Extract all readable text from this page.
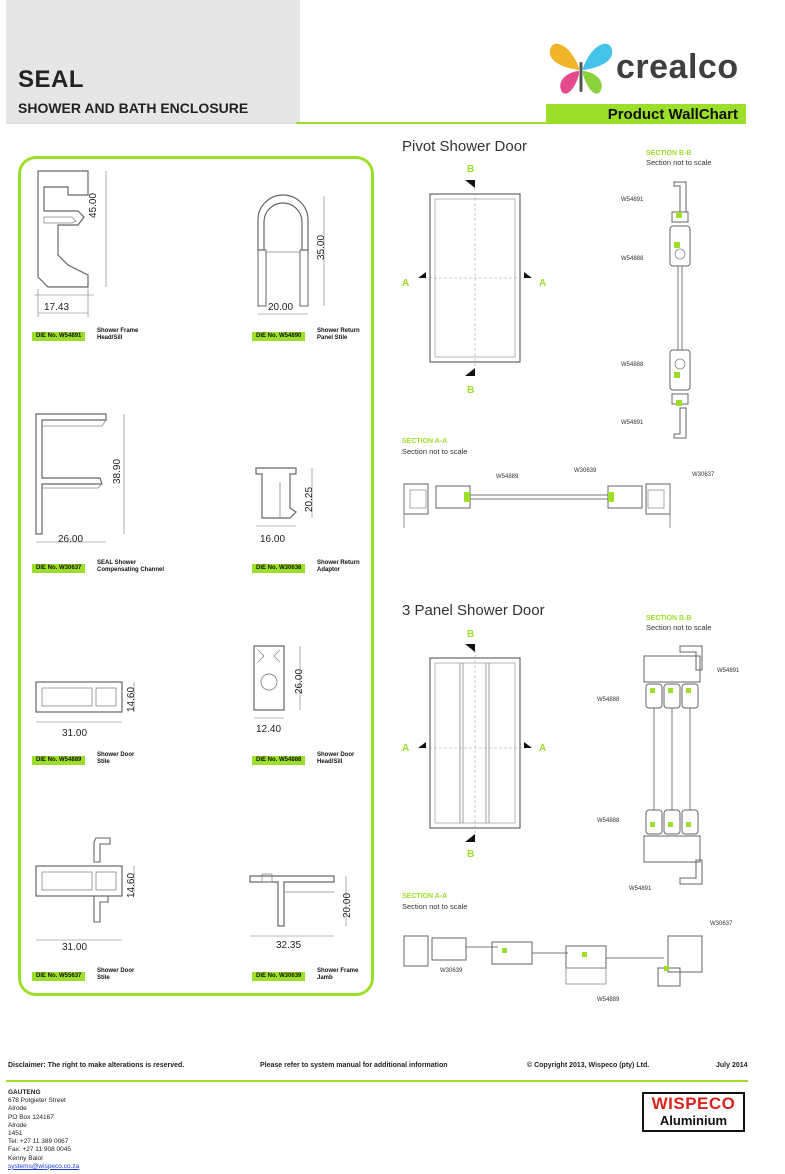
SEAL
SHOWER AND BATH ENCLOSURE
crealco
Product WallChart
17.43
45.00
DIE No. W54891
Shower Frame
Head/Sill
20.00
35.00
DIE No. W54890
Shower Return
Panel Stile
26.00
38.90
DIE No. W30637
SEAL Shower
Compensating Channel
16.00
20.25
DIE No. W30638
Shower Return
Adaptor
31.00
14.60
DIE No. W54889
Shower Door
Stile
12.40
26.00
DIE No. W54888
Shower Door
Head/Sill
31.00
14.60
DIE No. W55637
Shower Door
Stile
32.35
20.00
DIE No. W30639
Shower Frame
Jamb
Pivot Shower Door
B
B
A	A
SECTION B-B
Section not to scale
W54891
W54888
W54888
W54891
SECTION A-A
Section not to scale
W54889
W30639
W30637
3 Panel Shower Door
B
B
A	A
SECTION B-B
Section not to scale
W54891
W54888
W54888
W54891
SECTION A-A
Section not to scale
W30637
W30639
W54889
Disclaimer: The right to make alterations is reserved.	Please refer to system manual for additional information	© Copyright 2013, Wispeco (pty) Ltd.	July 2014
GAUTENG
678 Potgieter Street
Alrode
PO Box 124167
Alrode
1451
Tel: +27 11 389 0067
Fax: +27 11 908 0045
Kenny Balol
systems@wispeco.co.za
WISPECO
Aluminium
